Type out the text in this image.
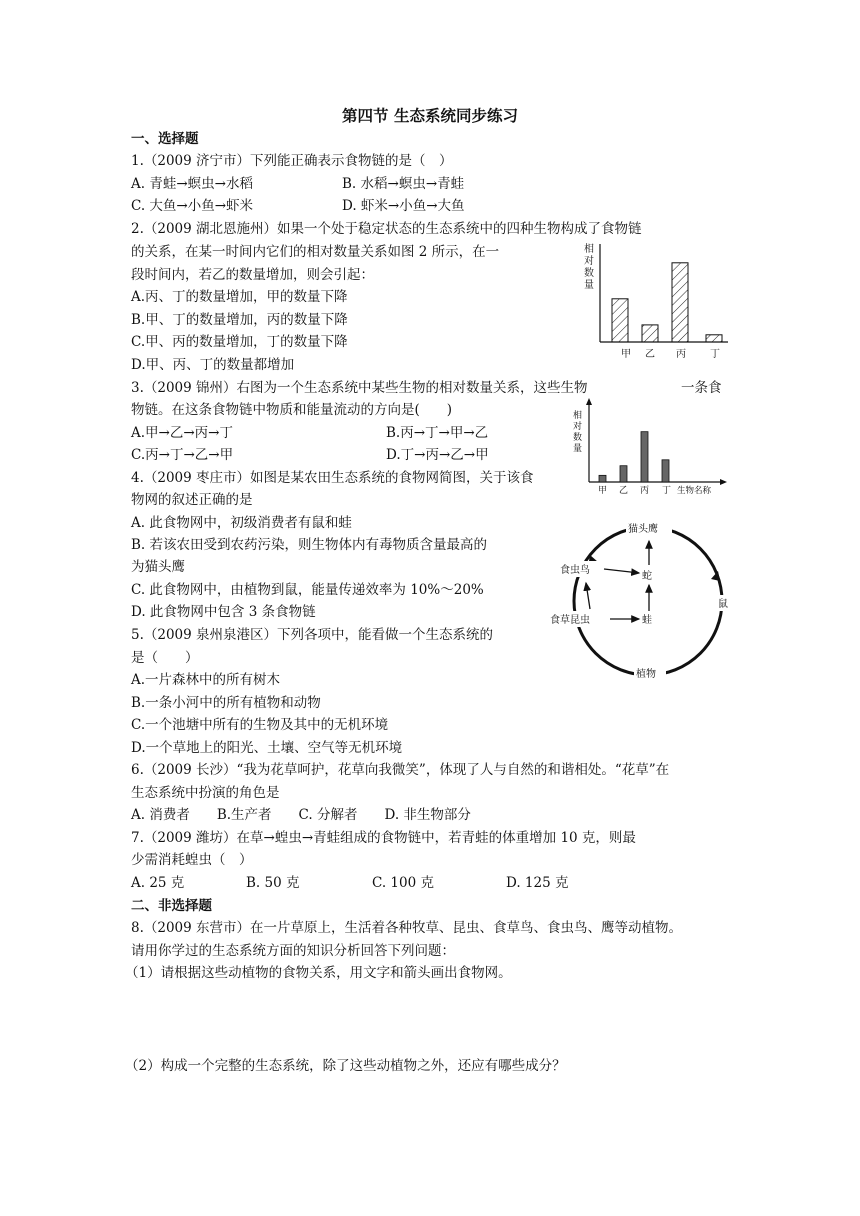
第四节 生态系统同步练习
一、选择题
1.（2009 济宁市）下列能正确表示食物链的是（　）
A. 青蛙→螟虫→水稻	B. 水稻→螟虫→青蛙
C. 大鱼→小鱼→虾米	D. 虾米→小鱼→大鱼
2.（2009 湖北恩施州）如果一个处于稳定状态的生态系统中的四种生物构成了食物链
的关系，在某一时间内它们的相对数量关系如图 2 所示，在一
段时间内，若乙的数量增加，则会引起：
A.丙、丁的数量增加，甲的数量下降
B.甲、丁的数量增加，丙的数量下降
C.甲、丙的数量增加，丁的数量下降
D.甲、丙、丁的数量都增加
3.（2009 锦州）右图为一个生态系统中某些生物的相对数量关系，这些生物	一条食
物链。在这条食物链中物质和能量流动的方向是(　　)
A.甲→乙→丙→丁	B.丙→丁→甲→乙
C.丙→丁→乙→甲	D.丁→丙→乙→甲
4.（2009 枣庄市）如图是某农田生态系统的食物网简图，关于该食
物网的叙述正确的是
A. 此食物网中，初级消费者有鼠和蛙
B. 若该农田受到农药污染，则生物体内有毒物质含量最高的
为猫头鹰
C. 此食物网中，由植物到鼠，能量传递效率为 10%～20%
D. 此食物网中包含 3 条食物链
5.（2009 泉州泉港区）下列各项中，能看做一个生态系统的
是（　　）
A.一片森林中的所有树木
B.一条小河中的所有植物和动物
C.一个池塘中所有的生物及其中的无机环境
D.一个草地上的阳光、土壤、空气等无机环境
6.（2009 长沙）“我为花草呵护，花草向我微笑”，体现了人与自然的和谐相处。“花草”在
生态系统中扮演的角色是
A. 消费者　　B.生产者　　C. 分解者　　D. 非生物部分
7.（2009 潍坊）在草→蝗虫→青蛙组成的食物链中，若青蛙的体重增加 10 克，则最
少需消耗蝗虫（　）
A. 25 克	B. 50 克	C. 100 克	D. 125 克
二、非选择题
8.（2009 东营市）在一片草原上，生活着各种牧草、昆虫、食草鸟、食虫鸟、鹰等动植物。
请用你学过的生态系统方面的知识分析回答下列问题：
（1）请根据这些动植物的食物关系，用文字和箭头画出食物网。
（2）构成一个完整的生态系统，除了这些动植物之外，还应有哪些成分？
相
对
数
量
甲 乙 丙 丁
相
对
数
量
甲 乙 丙 丁 生物名称
猫头鹰
食虫鸟
蛇
食草昆虫	蛙
鼠
植物
